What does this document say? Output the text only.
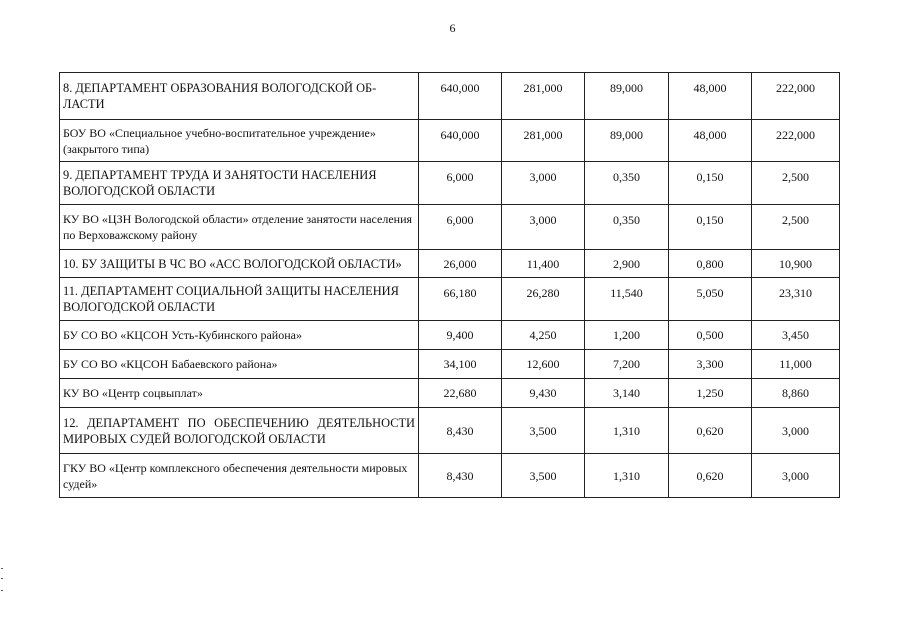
6
8. ДЕПАРТАМЕНТ ОБРАЗОВАНИЯ ВОЛОГОДСКОЙ ОБ-ЛАСТИ	640,000	281,000	89,000	48,000	222,000
БОУ ВО «Специальное учебно-воспитательное учреждение» (закрытого типа)	640,000	281,000	89,000	48,000	222,000
9. ДЕПАРТАМЕНТ ТРУДА И ЗАНЯТОСТИ НАСЕЛЕНИЯ ВОЛОГОДСКОЙ ОБЛАСТИ	6,000	3,000	0,350	0,150	2,500
КУ ВО «ЦЗН Вологодской области» отделение занятости населения по Верховажскому району	6,000	3,000	0,350	0,150	2,500
10. БУ ЗАЩИТЫ В ЧС ВО «АСС ВОЛОГОДСКОЙ ОБЛАСТИ»	26,000	11,400	2,900	0,800	10,900
11. ДЕПАРТАМЕНТ СОЦИАЛЬНОЙ ЗАЩИТЫ НАСЕЛЕНИЯ ВОЛОГОДСКОЙ ОБЛАСТИ	66,180	26,280	11,540	5,050	23,310
БУ СО ВО «КЦСОН Усть-Кубинского района»	9,400	4,250	1,200	0,500	3,450
БУ СО ВО «КЦСОН Бабаевского района»	34,100	12,600	7,200	3,300	11,000
КУ ВО «Центр соцвыплат»	22,680	9,430	3,140	1,250	8,860
12. ДЕПАРТАМЕНТ ПО ОБЕСПЕЧЕНИЮ ДЕЯТЕЛЬНОСТИ МИРОВЫХ СУДЕЙ ВОЛОГОДСКОЙ ОБЛАСТИ	8,430	3,500	1,310	0,620	3,000
ГКУ ВО «Центр комплексного обеспечения деятельности мировых судей»	8,430	3,500	1,310	0,620	3,000
